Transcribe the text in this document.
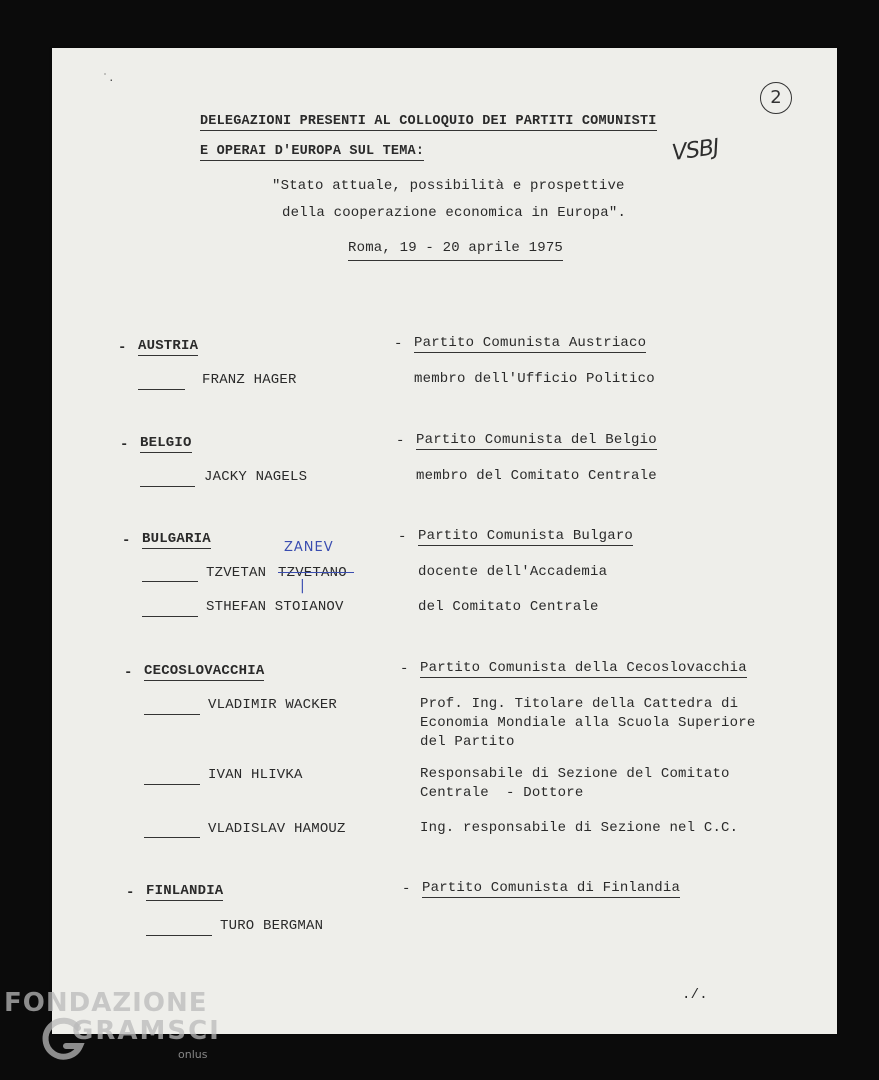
˙.
2
VSBJ
DELEGAZIONI PRESENTI AL COLLOQUIO DEI PARTITI COMUNISTI
E OPERAI D'EUROPA SUL TEMA:
"Stato attuale, possibilità e prospettive
della cooperazione economica in Europa".
Roma, 19 - 20 aprile 1975
- AUSTRIA	- Partito Comunista Austriaco
FRANZ HAGER	membro dell'Ufficio Politico
- BELGIO	- Partito Comunista del Belgio
JACKY NAGELS	membro del Comitato Centrale
- BULGARIA	- Partito Comunista Bulgaro
ZANEV
|
TZVETAN TZVETANO	docente dell'Accademia
STHEFAN STOIANOV	del Comitato Centrale
- CECOSLOVACCHIA	- Partito Comunista della Cecoslovacchia
VLADIMIR WACKER	Prof. Ing. Titolare della Cattedra di
Economia Mondiale alla Scuola Superiore
del Partito
IVAN HLIVKA	Responsabile di Sezione del Comitato
Centrale  - Dottore
VLADISLAV HAMOUZ	Ing. responsabile di Sezione nel C.C.
- FINLANDIA	- Partito Comunista di Finlandia
TURO BERGMAN
./.
FONDAZIONE
GRAMSCI
onlus
